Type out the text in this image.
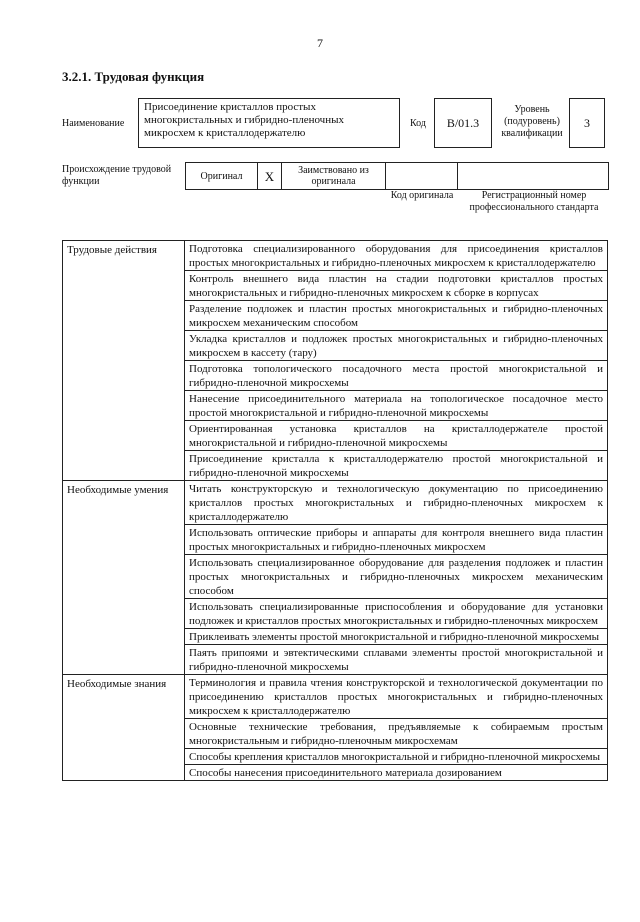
7
3.2.1. Трудовая функция
Наименование
Присоединение кристаллов простых многокристальных и гибридно-пленочных микросхем к кристаллодержателю
Код	B/01.3
Уровень (подуровень) квалификации
3
Происхождение трудовой функции	Оригинал	X	Заимствовано из оригинала
Код оригинала	Регистрационный номер профессионального стандарта
Трудовые действия	Подготовка специализированного оборудования для присоединения кристаллов простых многокристальных и гибридно-пленочных микросхем к кристаллодержателю
	Контроль внешнего вида пластин на стадии подготовки кристаллов простых многокристальных и гибридно-пленочных микросхем к сборке в корпусах
	Разделение подложек и пластин простых многокристальных и гибридно-пленочных микросхем механическим способом
	Укладка кристаллов и подложек простых многокристальных и гибридно-пленочных микросхем в кассету (тару)
	Подготовка топологического посадочного места простой многокристальной и гибридно-пленочной микросхемы
	Нанесение присоединительного материала на топологическое посадочное место простой многокристальной и гибридно-пленочной микросхемы
	Ориентированная установка кристаллов на кристаллодержателе простой многокристальной и гибридно-пленочной микросхемы
	Присоединение кристалла к кристаллодержателю простой многокристальной и гибридно-пленочной микросхемы
Необходимые умения	Читать конструкторскую и технологическую документацию по присоединению кристаллов простых многокристальных и гибридно-пленочных микросхем к кристаллодержателю
	Использовать оптические приборы и аппараты для контроля внешнего вида пластин простых многокристальных и гибридно-пленочных микросхем
	Использовать специализированное оборудование для разделения подложек и пластин простых многокристальных и гибридно-пленочных микросхем механическим способом
	Использовать специализированные приспособления и оборудование для установки подложек и кристаллов простых многокристальных и гибридно-пленочных микросхем
	Приклеивать элементы простой многокристальной и гибридно-пленочной микросхемы
	Паять припоями и эвтектическими сплавами элементы простой многокристальной и гибридно-пленочной микросхемы
Необходимые знания	Терминология и правила чтения конструкторской и технологической документации по присоединению кристаллов простых многокристальных и гибридно-пленочных микросхем к кристаллодержателю
	Основные технические требования, предъявляемые к собираемым простым многокристальным и гибридно-пленочным микросхемам
	Способы крепления кристаллов многокристальной и гибридно-пленочной микросхемы
	Способы нанесения присоединительного материала дозированием
